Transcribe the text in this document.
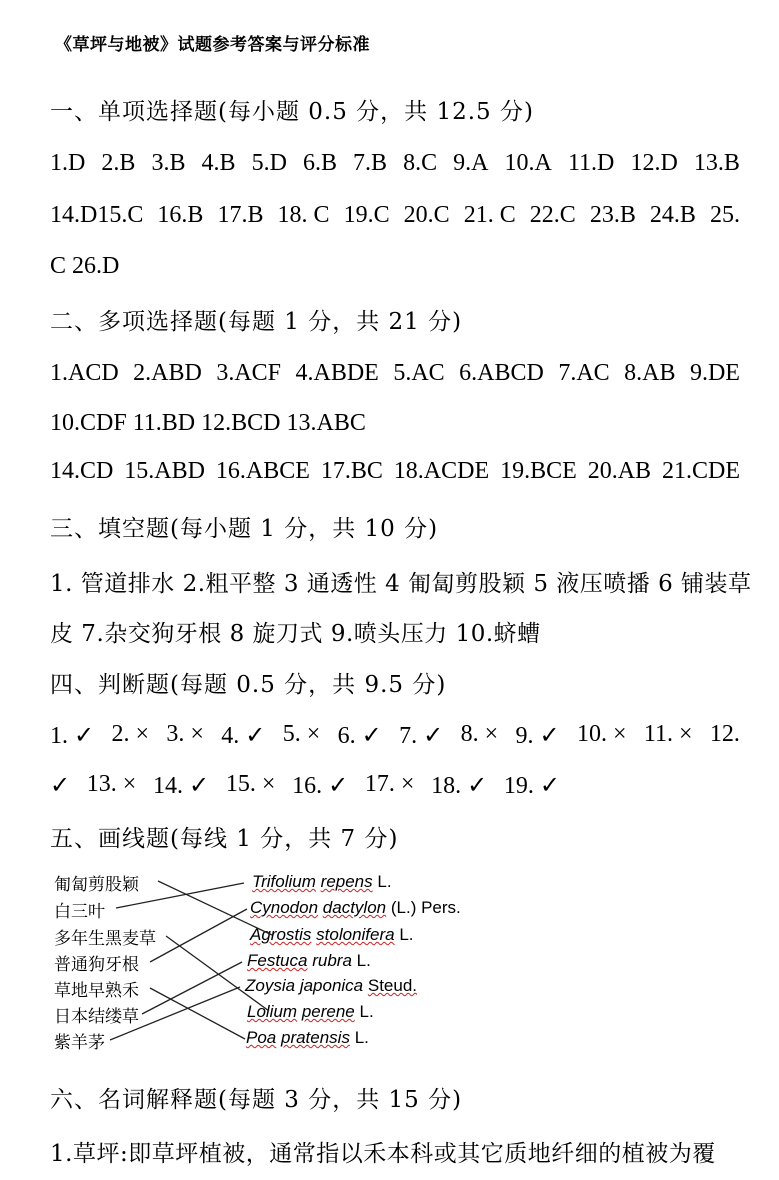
《草坪与地被》试题参考答案与评分标准
一、单项选择题(每小题 0.5 分，共 12.5 分)
1.D 2.B 3.B 4.B 5.D 6.B 7.B 8.C 9.A 10.A 11.D 12.D 13.B
14.D15.C 16.B 17.B 18. C 19.C 20.C 21. C 22.C 23.B 24.B 25.
C 26.D
二、多项选择题(每题 1 分，共 21 分)
1.ACD 2.ABD 3.ACF 4.ABDE 5.AC 6.ABCD 7.AC 8.AB 9.DE
10.CDF 11.BD 12.BCD 13.ABC
14.CD 15.ABD 16.ABCE 17.BC 18.ACDE 19.BCE 20.AB 21.CDE
三、填空题(每小题 1 分，共 10 分)
1. 管道排水 2.粗平整 3 通透性 4 匍匐剪股颖 5 液压喷播 6 铺装草
皮 7.杂交狗牙根 8 旋刀式 9.喷头压力 10.蛴螬
四、判断题(每题 0.5 分，共 9.5 分)
1. ✓ 2. × 3. × 4. ✓ 5. × 6. ✓ 7. ✓ 8. × 9. ✓ 10. × 11. × 12.
✓ 13. × 14. ✓ 15. × 16. ✓ 17. × 18. ✓ 19. ✓
五、画线题(每线 1 分，共 7 分)
匍匐剪股颖
白三叶
多年生黑麦草
普通狗牙根
草地早熟禾
日本结缕草
紫羊茅
Trifolium repens L.
Cynodon dactylon (L.) Pers.
Agrostis stolonifera L.
Festuca rubra L.
Zoysia japonica Steud.
Lolium perene L.
Poa pratensis L.
六、名词解释题(每题 3 分，共 15 分)
1.草坪:即草坪植被，通常指以禾本科或其它质地纤细的植被为覆
